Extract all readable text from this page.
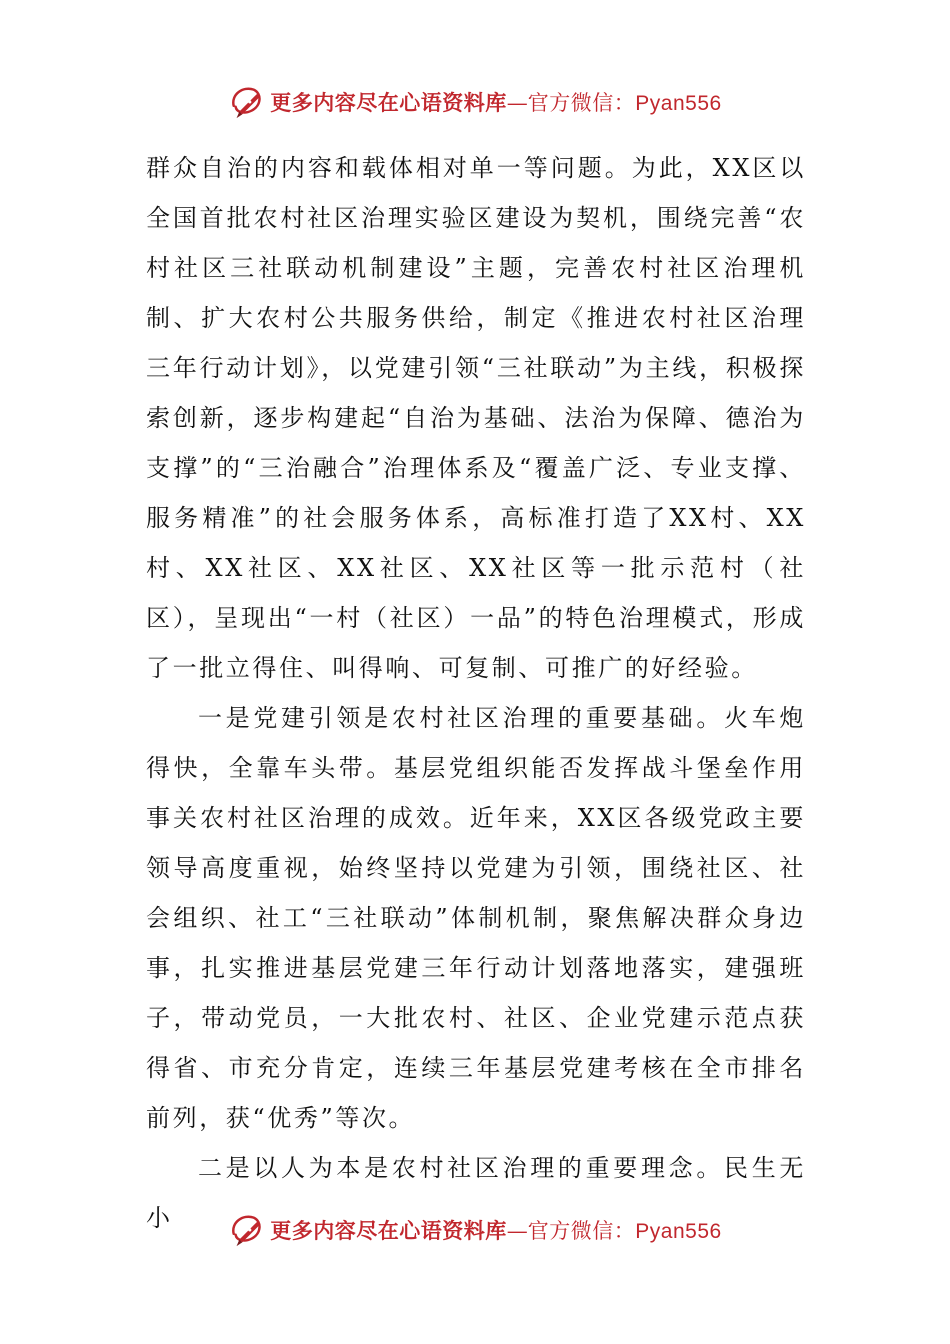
更多内容尽在心语资料库—官方微信：Pyan556

群众自治的内容和载体相对单一等问题。为此，XX区以全国首批农村社区治理实验区建设为契机，围绕完善“农村社区三社联动机制建设”主题，完善农村社区治理机制、扩大农村公共服务供给，制定《推进农村社区治理三年行动计划》，以党建引领“三社联动”为主线，积极探索创新，逐步构建起“自治为基础、法治为保障、德治为支撑”的“三治融合”治理体系及“覆盖广泛、专业支撑、服务精准”的社会服务体系，高标准打造了XX村、XX村、XX社区、XX社区、XX社区等一批示范村（社区），呈现出“一村（社区）一品”的特色治理模式，形成了一批立得住、叫得响、可复制、可推广的好经验。

一是党建引领是农村社区治理的重要基础。火车炮得快，全靠车头带。基层党组织能否发挥战斗堡垒作用事关农村社区治理的成效。近年来，XX区各级党政主要领导高度重视，始终坚持以党建为引领，围绕社区、社会组织、社工“三社联动”体制机制，聚焦解决群众身边事，扎实推进基层党建三年行动计划落地落实，建强班子，带动党员，一大批农村、社区、企业党建示范点获得省、市充分肯定，连续三年基层党建考核在全市排名前列，获“优秀”等次。

二是以人为本是农村社区治理的重要理念。民生无小	更多内容尽在心语资料库—官方微信：Pyan556
